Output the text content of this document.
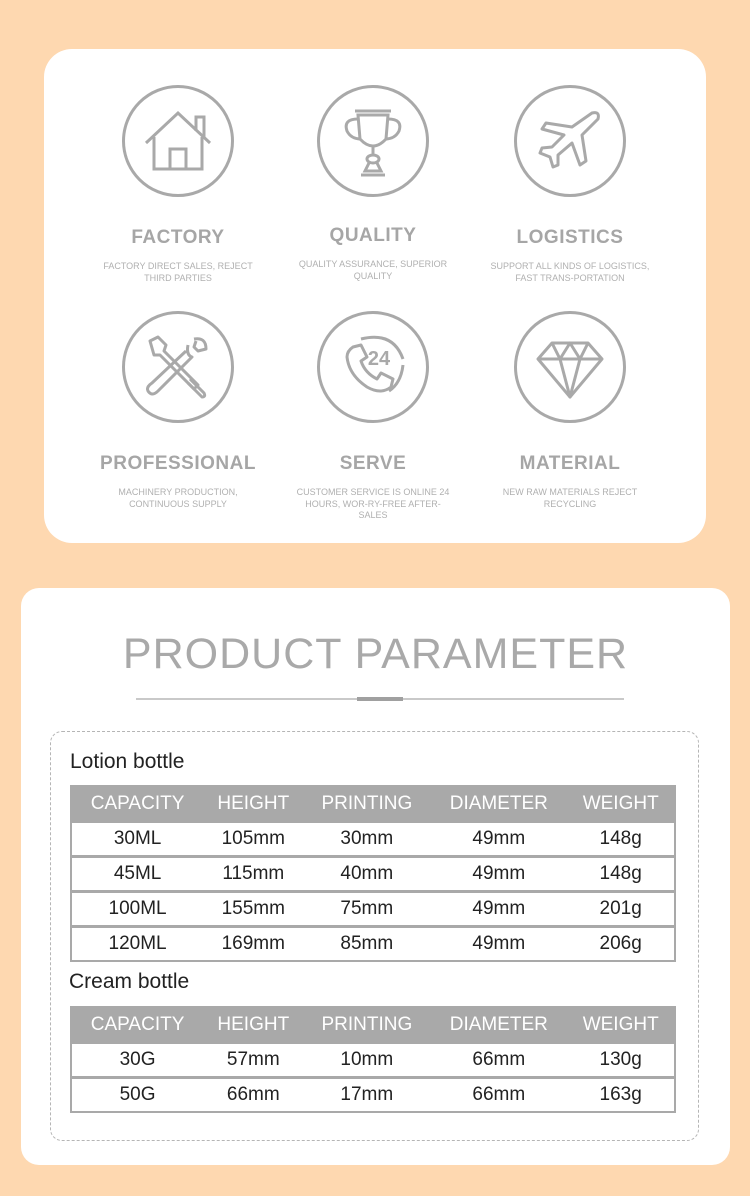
FACTORY
FACTORY DIRECT SALES, REJECT THIRD PARTIES
QUALITY
QUALITY ASSURANCE, SUPERIOR QUALITY
LOGISTICS
SUPPORT ALL KINDS OF LOGISTICS, FAST TRANS-PORTATION
PROFESSIONAL
MACHINERY PRODUCTION, CONTINUOUS SUPPLY
24
SERVE
CUSTOMER SERVICE IS ONLINE 24 HOURS, WOR-RY-FREE AFTER-SALES
MATERIAL
NEW RAW MATERIALS REJECT RECYCLING
PRODUCT PARAMETER
Lotion bottle
CAPACITY	HEIGHT	PRINTING	DIAMETER	WEIGHT
30ML	105mm	30mm	49mm	148g
45ML	115mm	40mm	49mm	148g
100ML	155mm	75mm	49mm	201g
120ML	169mm	85mm	49mm	206g
Cream bottle
CAPACITY	HEIGHT	PRINTING	DIAMETER	WEIGHT
30G	57mm	10mm	66mm	130g
50G	66mm	17mm	66mm	163g
